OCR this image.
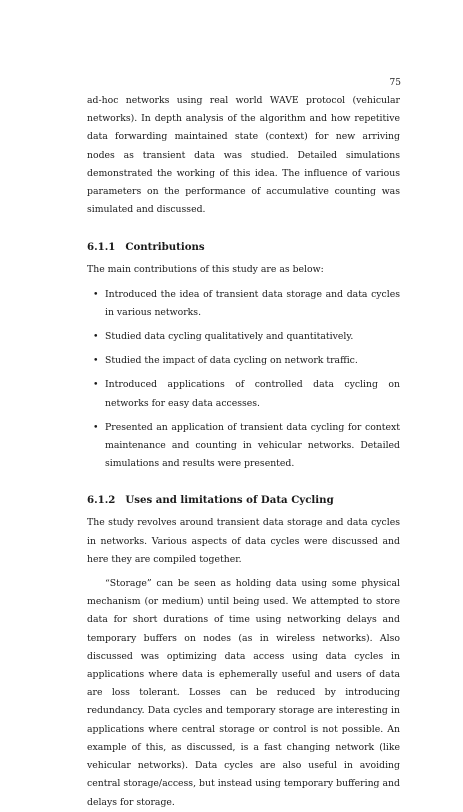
75

ad-hoc networks using real world WAVE protocol (vehicular networks). In depth analysis of the algorithm and how repetitive data forwarding maintained state (context) for new arriving nodes as transient data was studied. Detailed simulations demonstrated the working of this idea. The influence of various parameters on the performance of accumulative counting was simulated and discussed.

6.1.1 Contributions

The main contributions of this study are as below:

• Introduced the idea of transient data storage and data cycles in various networks.
• Studied data cycling qualitatively and quantitatively.
• Studied the impact of data cycling on network traffic.
• Introduced applications of controlled data cycling on networks for easy data accesses.
• Presented an application of transient data cycling for context maintenance and counting in vehicular networks. Detailed simulations and results were presented.
6.1.2 Uses and limitations of Data Cycling

The study revolves around transient data storage and data cycles in networks. Various aspects of data cycles were discussed and here they are compiled together.

“Storage” can be seen as holding data using some physical mechanism (or medium) until being used. We attempted to store data for short durations of time using networking delays and temporary buffers on nodes (as in wireless networks). Also discussed was optimizing data access using data cycles in applications where data is ephemerally useful and users of data are loss tolerant. Losses can be reduced by introducing redundancy. Data cycles and temporary storage are interesting in applications where central storage or control is not possible. An example of this, as discussed, is a fast changing network (like vehicular networks). Data cycles are also useful in avoiding central storage/access, but instead using temporary buffering and delays for storage.
